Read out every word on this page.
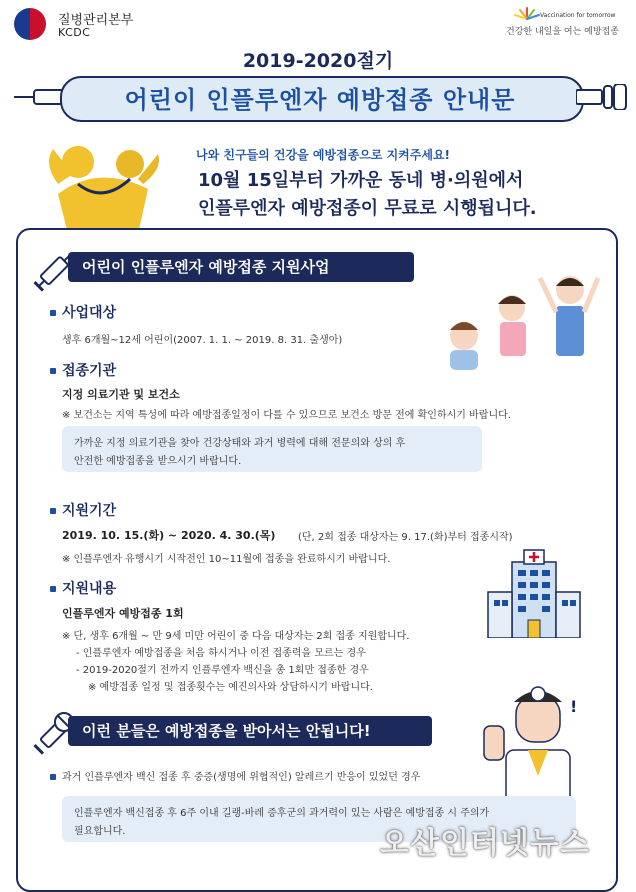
질병관리본부
KCDC
Vaccination for tomorrow
건강한 내일을 여는 예방접종
2019-2020절기
어린이 인플루엔자 예방접종 안내문
나와 친구들의 건강을 예방접종으로 지켜주세요!
10월 15일부터 가까운 동네 병·의원에서
인플루엔자 예방접종이 무료로 시행됩니다.
어린이 인플루엔자 예방접종 지원사업
사업대상
생후 6개월~12세 어린이(2007. 1. 1. ~ 2019. 8. 31. 출생아)
접종기관
지정 의료기관 및 보건소
※ 보건소는 지역 특성에 따라 예방접종일정이 다를 수 있으므로 보건소 방문 전에 확인하시기 바랍니다.
가까운 지정 의료기관을 찾아 건강상태와 과거 병력에 대해 전문의와 상의 후
안전한 예방접종을 받으시기 바랍니다.
지원기간
2019. 10. 15.(화) ~ 2020. 4. 30.(목) (단, 2회 접종 대상자는 9. 17.(화)부터 접종시작)
※ 인플루엔자 유행시기 시작전인 10~11월에 접종을 완료하시기 바랍니다.
지원내용
인플루엔자 예방접종 1회
※ 단, 생후 6개월 ~ 만 9세 미만 어린이 중 다음 대상자는 2회 접종 지원합니다.
- 인플루엔자 예방접종을 처음 하시거나 이전 접종력을 모르는 경우
- 2019-2020절기 전까지 인플루엔자 백신을 총 1회만 접종한 경우
※ 예방접종 일정 및 접종횟수는 예진의사와 상담하시기 바랍니다.
이런 분들은 예방접종을 받아서는 안됩니다!
!
과거 인플루엔자 백신 접종 후 중증(생명에 위협적인) 알레르기 반응이 있었던 경우
인플루엔자 백신접종 후 6주 이내 길랭-바레 증후군의 과거력이 있는 사람은 예방접종 시 주의가
필요합니다.	오산인터넷뉴스
